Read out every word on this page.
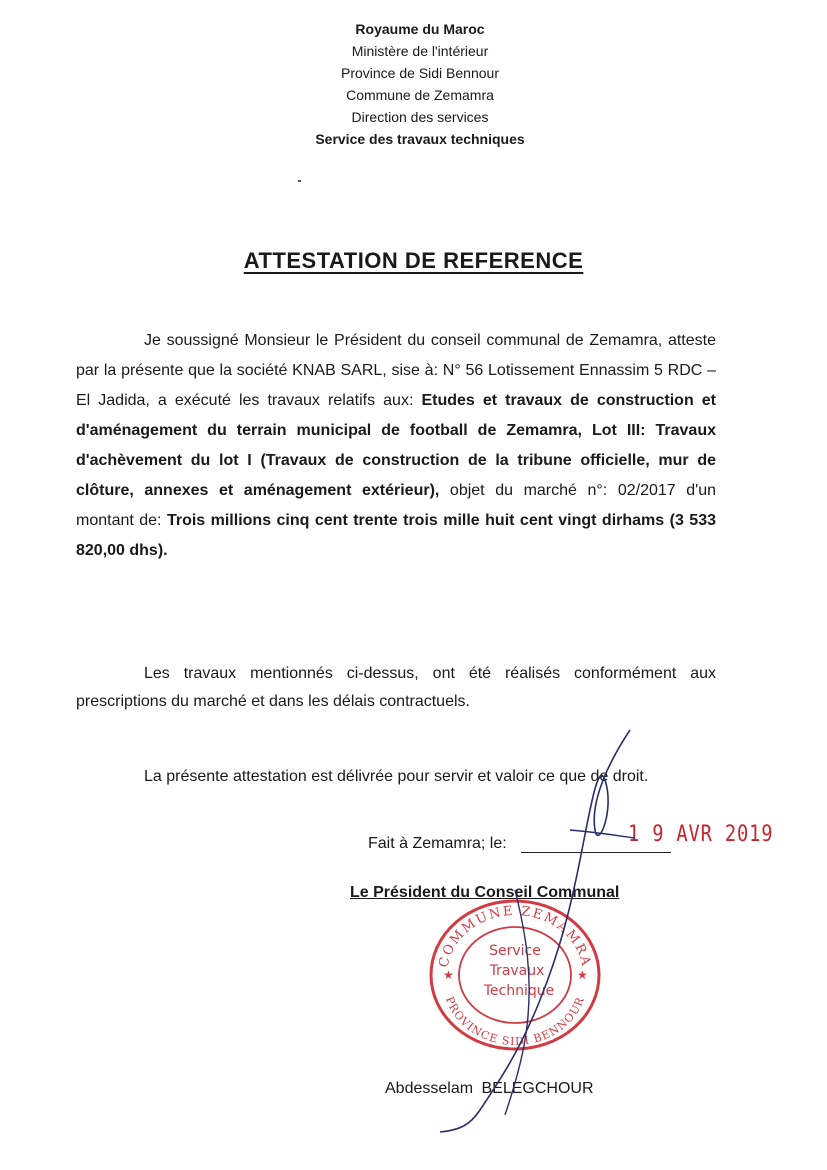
Royaume du Maroc
Ministère de l'intérieur
Province de Sidi Bennour
Commune de Zemamra
Direction des services
Service des travaux techniques
ATTESTATION DE REFERENCE
Je soussigné Monsieur le Président du conseil communal de Zemamra, atteste par la présente que la société KNAB SARL, sise à: N° 56 Lotissement Ennassim 5 RDC – El Jadida, a exécuté les travaux relatifs aux: Etudes et travaux de construction et d'aménagement du terrain municipal de football de Zemamra, Lot III: Travaux d'achèvement du lot I (Travaux de construction de la tribune officielle, mur de clôture, annexes et aménagement extérieur), objet du marché n°: 02/2017 d'un montant de: Trois millions cinq cent trente trois mille huit cent vingt dirhams (3 533 820,00 dhs).
Les travaux mentionnés ci-dessus, ont été réalisés conformément aux prescriptions du marché et dans les délais contractuels.
La présente attestation est délivrée pour servir et valoir ce que de droit.
Fait à Zemamra; le:	1 9 AVR 2019
Le Président du Conseil Communal
COMMUNE ZEMAMRA
PROVINCE SIDI BENNOUR
★	★
Service
Travaux
Technique
Abdesselam BELEGCHOUR
